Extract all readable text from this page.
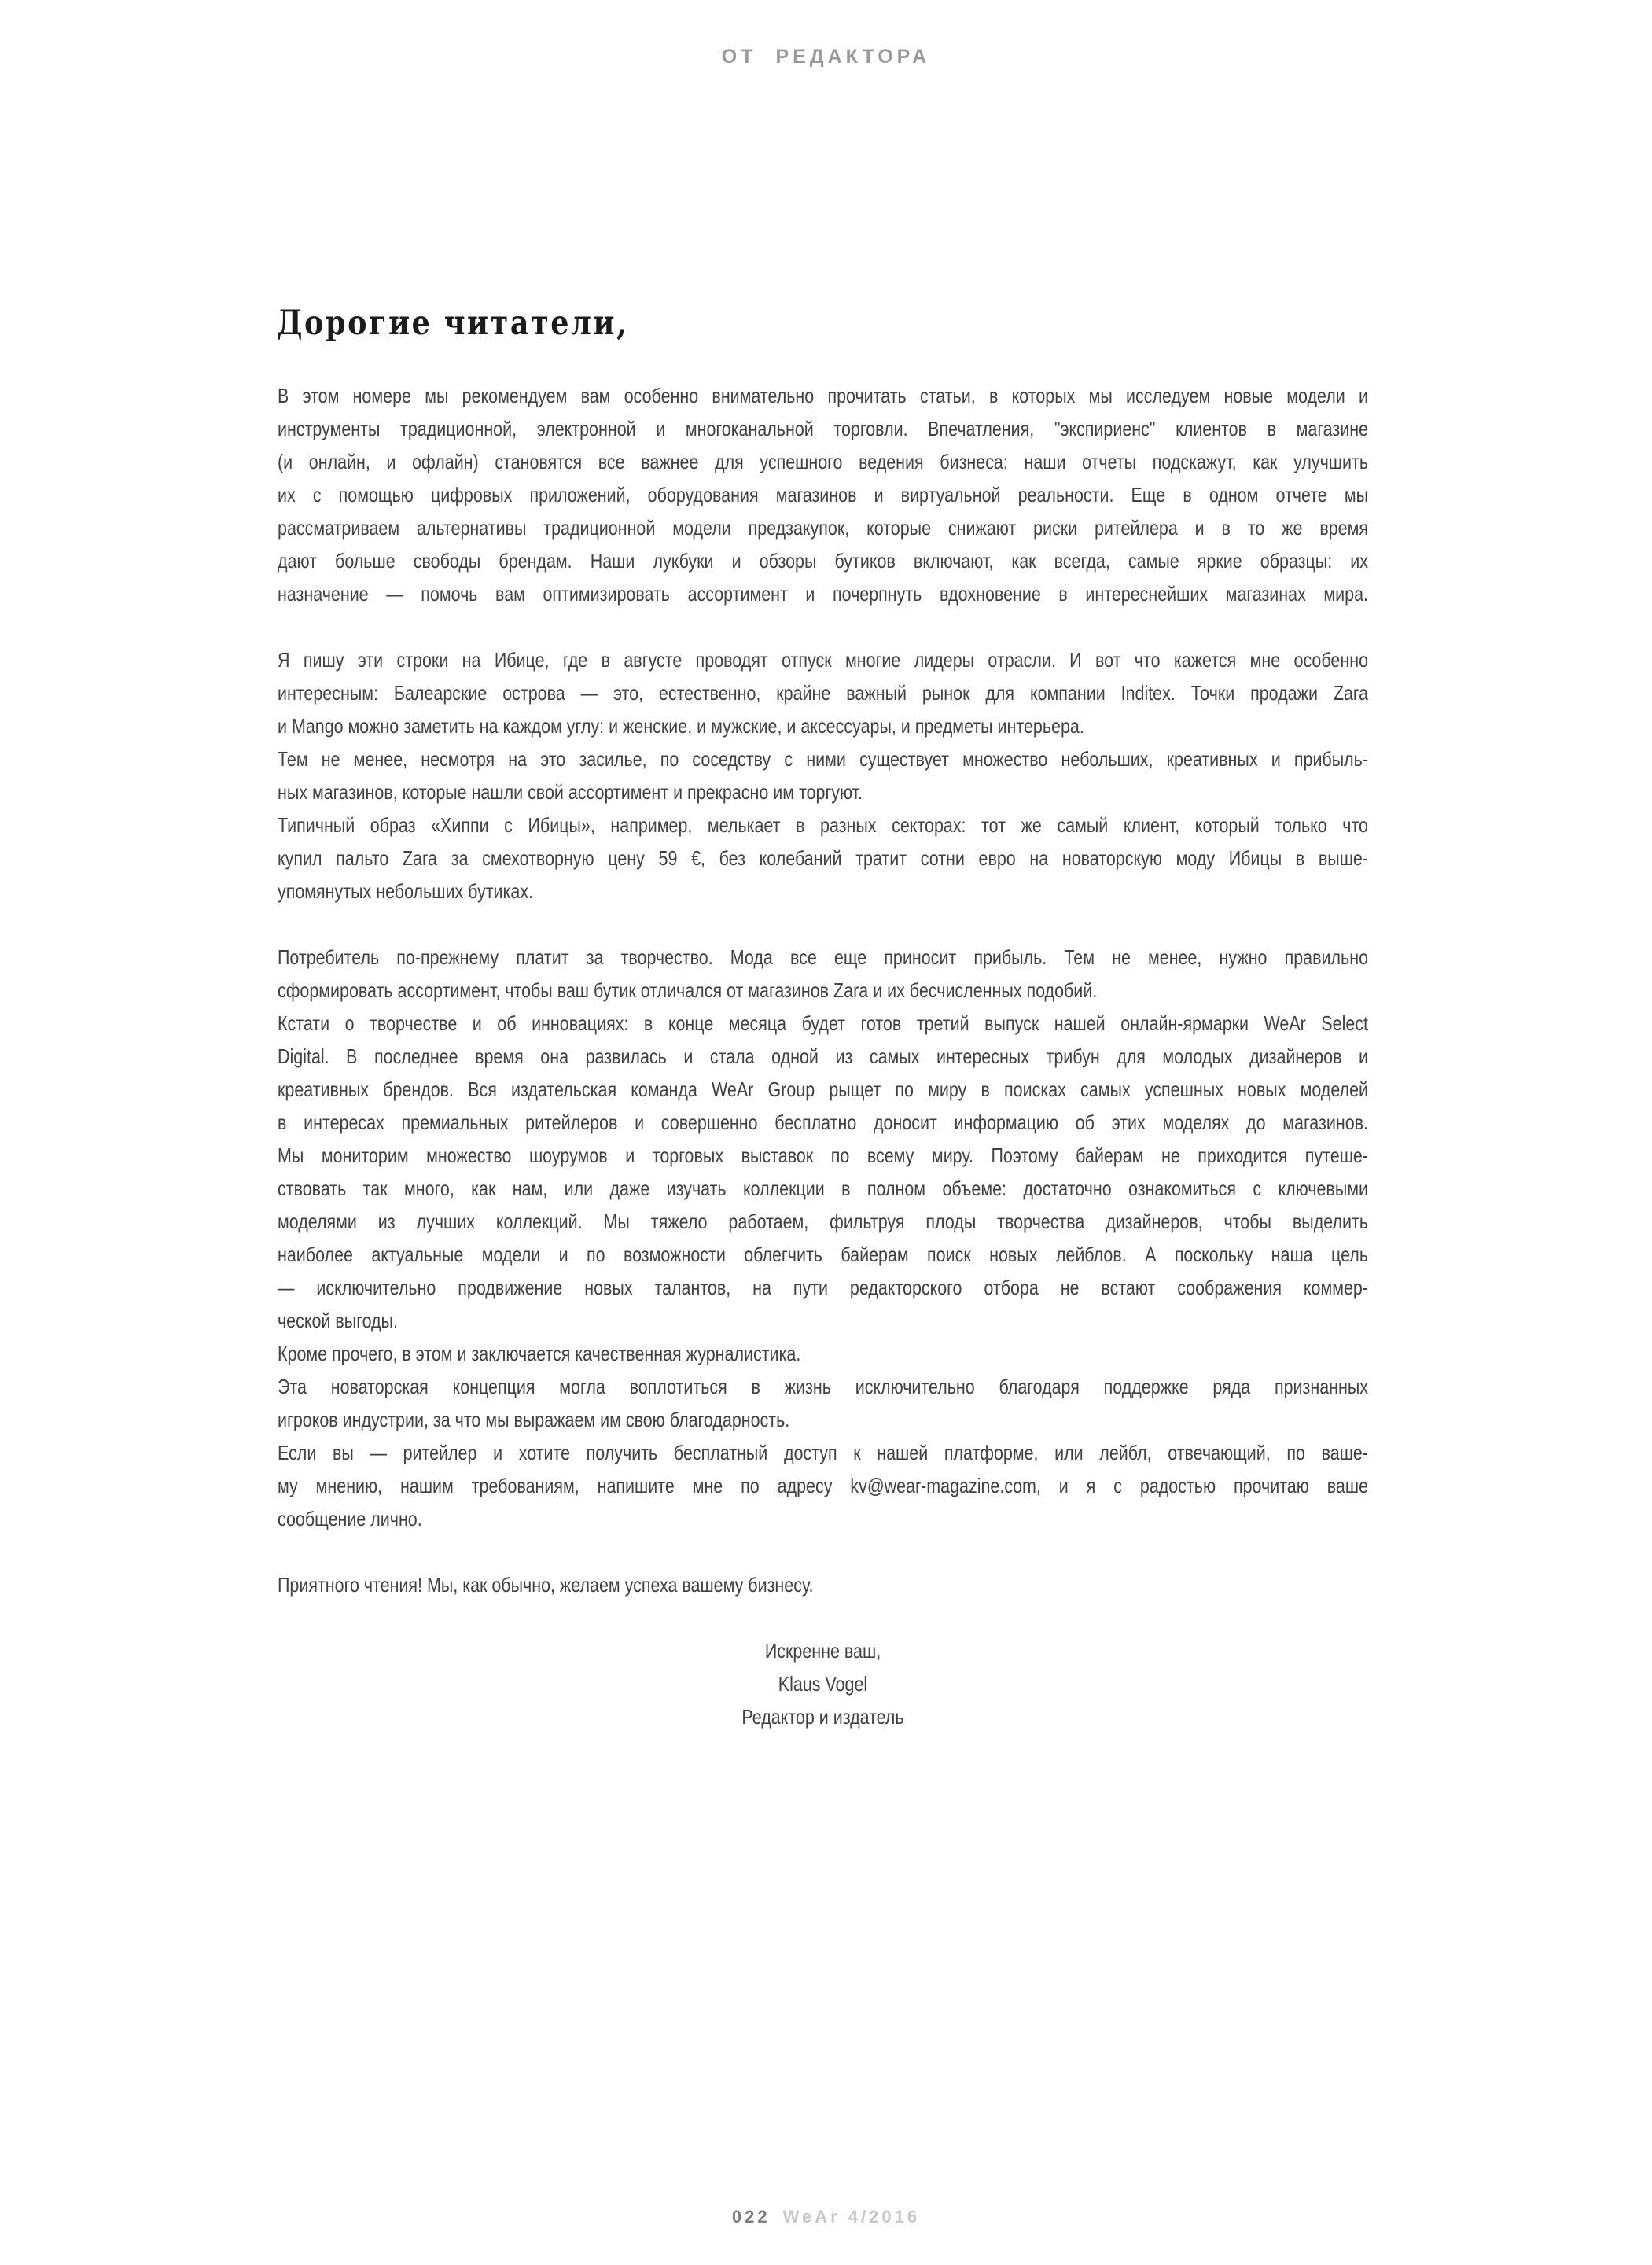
ОТ РЕДАКТОРА
Дорогие читатели,
В этом номере мы рекомендуем вам особенно внимательно прочитать статьи, в которых мы исследуем новые модели и
инструменты традиционной, электронной и многоканальной торговли. Впечатления, "экспириенс" клиентов в магазине
(и онлайн, и офлайн) становятся все важнее для успешного ведения бизнеса: наши отчеты подскажут, как улучшить
их с помощью цифровых приложений, оборудования магазинов и виртуальной реальности. Еще в одном отчете мы
рассматриваем альтернативы традиционной модели предзакупок, которые снижают риски ритейлера и в то же время
дают больше свободы брендам. Наши лукбуки и обзоры бутиков включают, как всегда, самые яркие образцы: их
назначение — помочь вам оптимизировать ассортимент и почерпнуть вдохновение в интереснейших магазинах мира.
Я пишу эти строки на Ибице, где в августе проводят отпуск многие лидеры отрасли. И вот что кажется мне особенно
интересным: Балеарские острова — это, естественно, крайне важный рынок для компании Inditex. Точки продажи Zara
и Mango можно заметить на каждом углу: и женские, и мужские, и аксессуары, и предметы интерьера.
Тем не менее, несмотря на это засилье, по соседству с ними существует множество небольших, креативных и прибыль-
ных магазинов, которые нашли свой ассортимент и прекрасно им торгуют.
Типичный образ «Хиппи с Ибицы», например, мелькает в разных секторах: тот же самый клиент, который только что
купил пальто Zara за смехотворную цену 59 €, без колебаний тратит сотни евро на новаторскую моду Ибицы в выше-
упомянутых небольших бутиках.
Потребитель по-прежнему платит за творчество. Мода все еще приносит прибыль. Тем не менее, нужно правильно
сформировать ассортимент, чтобы ваш бутик отличался от магазинов Zara и их бесчисленных подобий.
Кстати о творчестве и об инновациях: в конце месяца будет готов третий выпуск нашей онлайн-ярмарки WeAr Select
Digital. В последнее время она развилась и стала одной из самых интересных трибун для молодых дизайнеров и
креативных брендов. Вся издательская команда WeAr Group рыщет по миру в поисках самых успешных новых моделей
в интересах премиальных ритейлеров и совершенно бесплатно доносит информацию об этих моделях до магазинов.
Мы мониторим множество шоурумов и торговых выставок по всему миру. Поэтому байерам не приходится путеше-
ствовать так много, как нам, или даже изучать коллекции в полном объеме: достаточно ознакомиться с ключевыми
моделями из лучших коллекций. Мы тяжело работаем, фильтруя плоды творчества дизайнеров, чтобы выделить
наиболее актуальные модели и по возможности облегчить байерам поиск новых лейблов. А поскольку наша цель
— исключительно продвижение новых талантов, на пути редакторского отбора не встают соображения коммер-
ческой выгоды.
Кроме прочего, в этом и заключается качественная журналистика.
Эта новаторская концепция могла воплотиться в жизнь исключительно благодаря поддержке ряда признанных
игроков индустрии, за что мы выражаем им свою благодарность.
Если вы — ритейлер и хотите получить бесплатный доступ к нашей платформе, или лейбл, отвечающий, по ваше-
му мнению, нашим требованиям, напишите мне по адресу kv@wear-magazine.com, и я с радостью прочитаю ваше
сообщение лично.
Приятного чтения! Мы, как обычно, желаем успеха вашему бизнесу.
Искренне ваш,
Klaus Vogel
Редактор и издатель
022 WeAr 4/2016
